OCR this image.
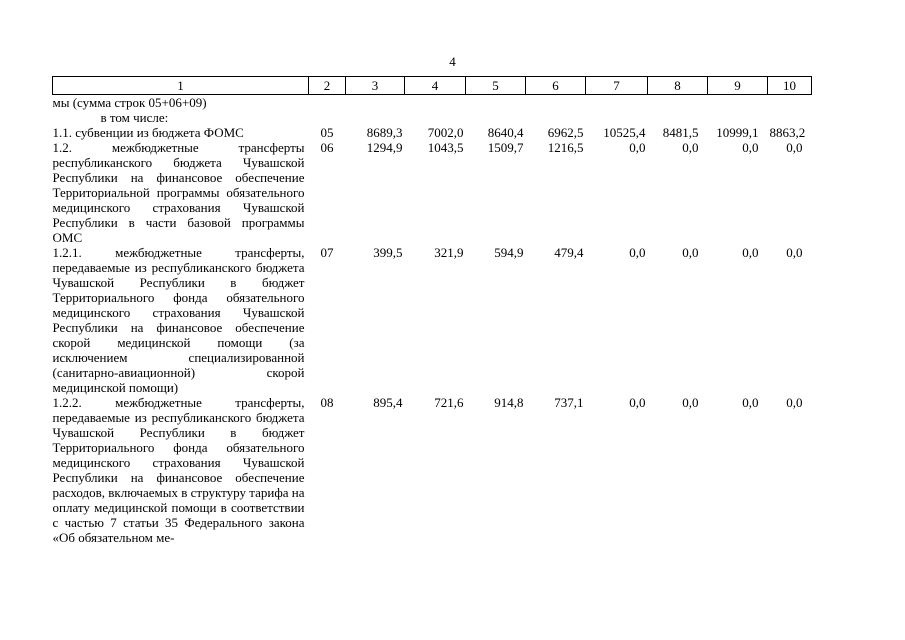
4
1	2	3	4	5	6	7	8	9	10
мы (сумма строк 05+06+09)									
в том числе:									
1.1. субвенции из бюджета ФОМС	05	8689,3	7002,0	8640,4	6962,5	10525,4	8481,5	10999,1	8863,2
1.2. межбюджетные трансферты республиканского бюджета Чувашской Республики на финансовое обеспечение Территориальной программы обязательного медицинского страхования Чувашской Республики в части базовой программы ОМС	06	1294,9	1043,5	1509,7	1216,5	0,0	0,0	0,0	0,0
1.2.1. межбюджетные трансферты, передаваемые из республиканского бюджета Чувашской Республики в бюджет Территориального фонда обязательного медицинского страхования Чувашской Республики на финансовое обеспечение скорой медицинской помощи (за исключением специализированной (санитарно-авиационной) скорой медицинской помощи)	07	399,5	321,9	594,9	479,4	0,0	0,0	0,0	0,0
1.2.2. межбюджетные трансферты, передаваемые из республиканского бюджета Чувашской Республики в бюджет Территориального фонда обязательного медицинского страхования Чувашской Республики на финансовое обеспечение расходов, включаемых в структуру тарифа на оплату медицинской помощи в соответствии с частью 7 статьи 35 Федерального закона «Об обязательном ме-	08	895,4	721,6	914,8	737,1	0,0	0,0	0,0	0,0
